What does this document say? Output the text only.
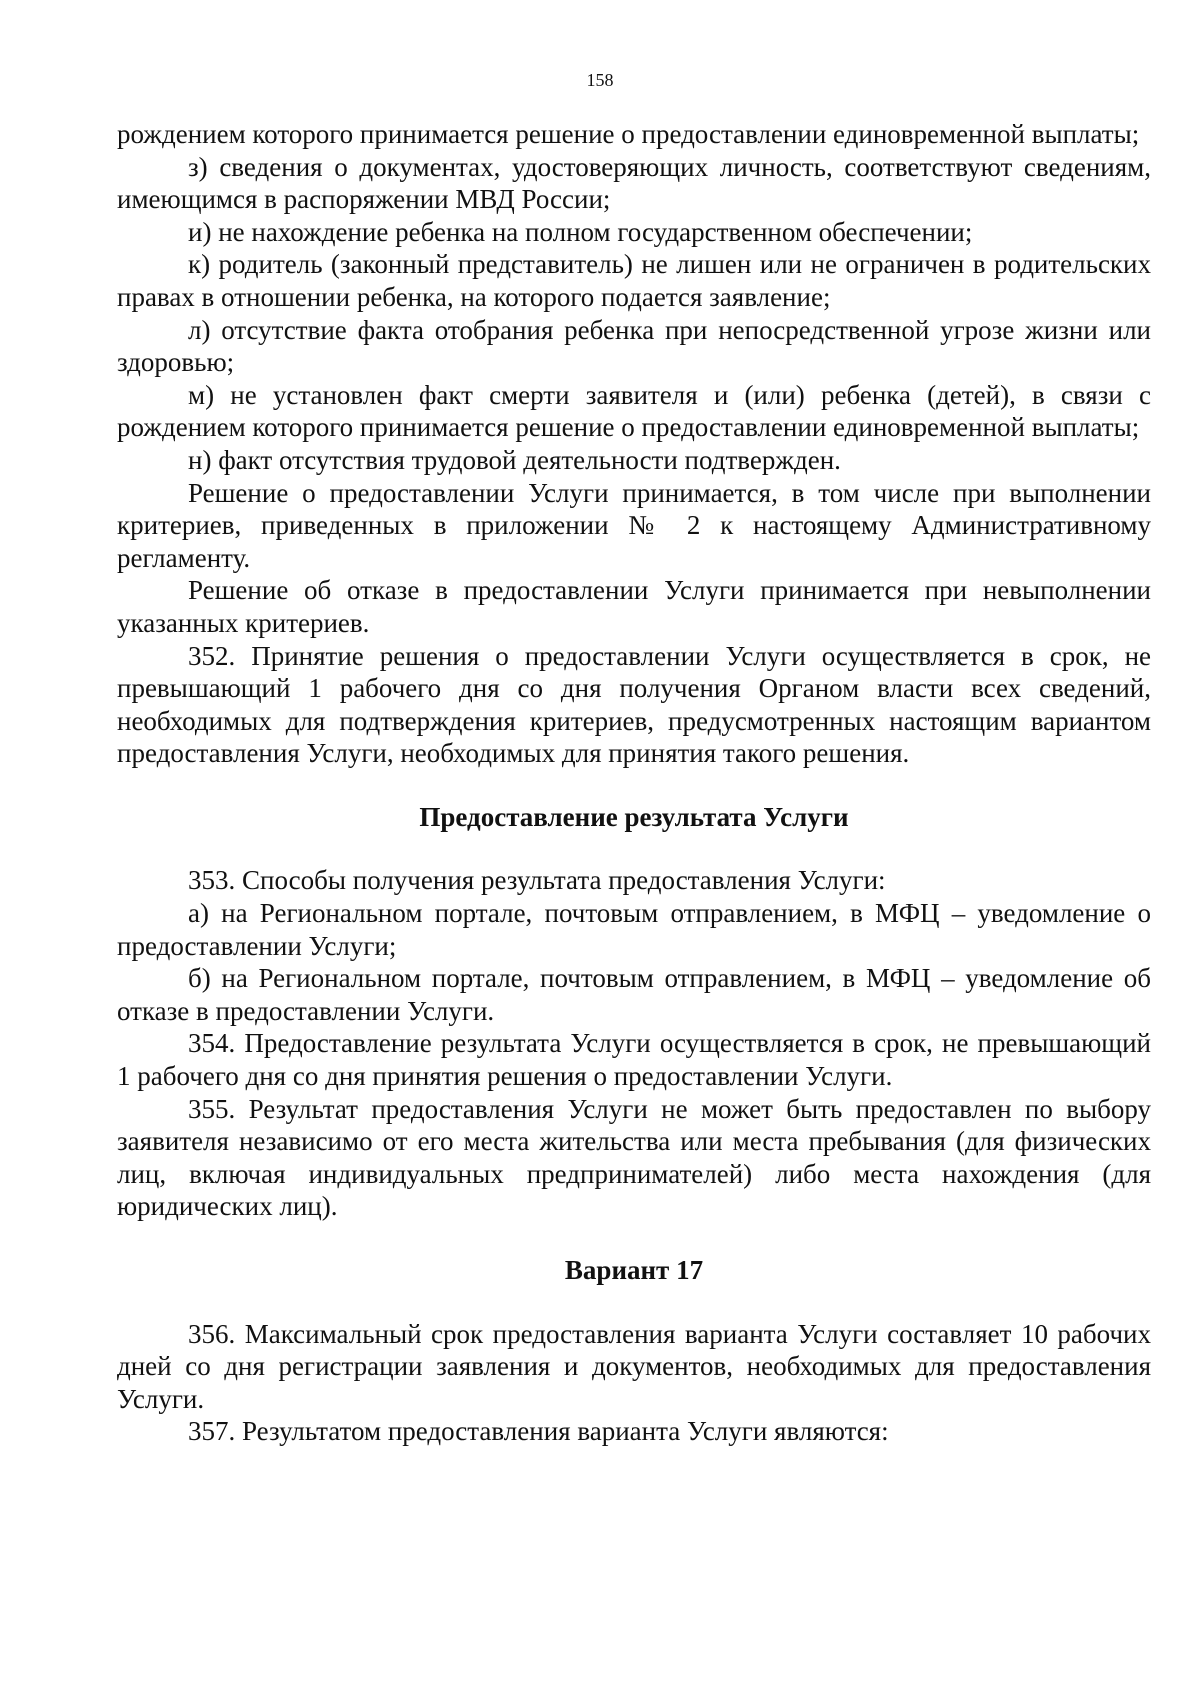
158

рождением которого принимается решение о предоставлении единовременной выплаты;

з) сведения о документах, удостоверяющих личность, соответствуют сведениям, имеющимся в распоряжении МВД России;

и) не нахождение ребенка на полном государственном обеспечении;

к) родитель (законный представитель) не лишен или не ограничен в родительских правах в отношении ребенка, на которого подается заявление;

л) отсутствие факта отобрания ребенка при непосредственной угрозе жизни или здоровью;

м) не установлен факт смерти заявителя и (или) ребенка (детей), в связи с рождением которого принимается решение о предоставлении единовременной выплаты;

н) факт отсутствия трудовой деятельности подтвержден.

Решение о предоставлении Услуги принимается, в том числе при выполнении критериев, приведенных в приложении № 2 к настоящему Административному регламенту.

Решение об отказе в предоставлении Услуги принимается при невыполнении указанных критериев.

352. Принятие решения о предоставлении Услуги осуществляется в срок, не превышающий 1 рабочего дня со дня получения Органом власти всех сведений, необходимых для подтверждения критериев, предусмотренных настоящим вариантом предоставления Услуги, необходимых для принятия такого решения.

Предоставление результата Услуги

353. Способы получения результата предоставления Услуги:

а) на Региональном портале, почтовым отправлением, в МФЦ – уведомление о предоставлении Услуги;

б) на Региональном портале, почтовым отправлением, в МФЦ – уведомление об отказе в предоставлении Услуги.

354. Предоставление результата Услуги осуществляется в срок, не превышающий 1 рабочего дня со дня принятия решения о предоставлении Услуги.

355. Результат предоставления Услуги не может быть предоставлен по выбору заявителя независимо от его места жительства или места пребывания (для физических лиц, включая индивидуальных предпринимателей) либо места нахождения (для юридических лиц).

Вариант 17

356. Максимальный срок предоставления варианта Услуги составляет 10 рабочих дней со дня регистрации заявления и документов, необходимых для предоставления Услуги.

357. Результатом предоставления варианта Услуги являются:
